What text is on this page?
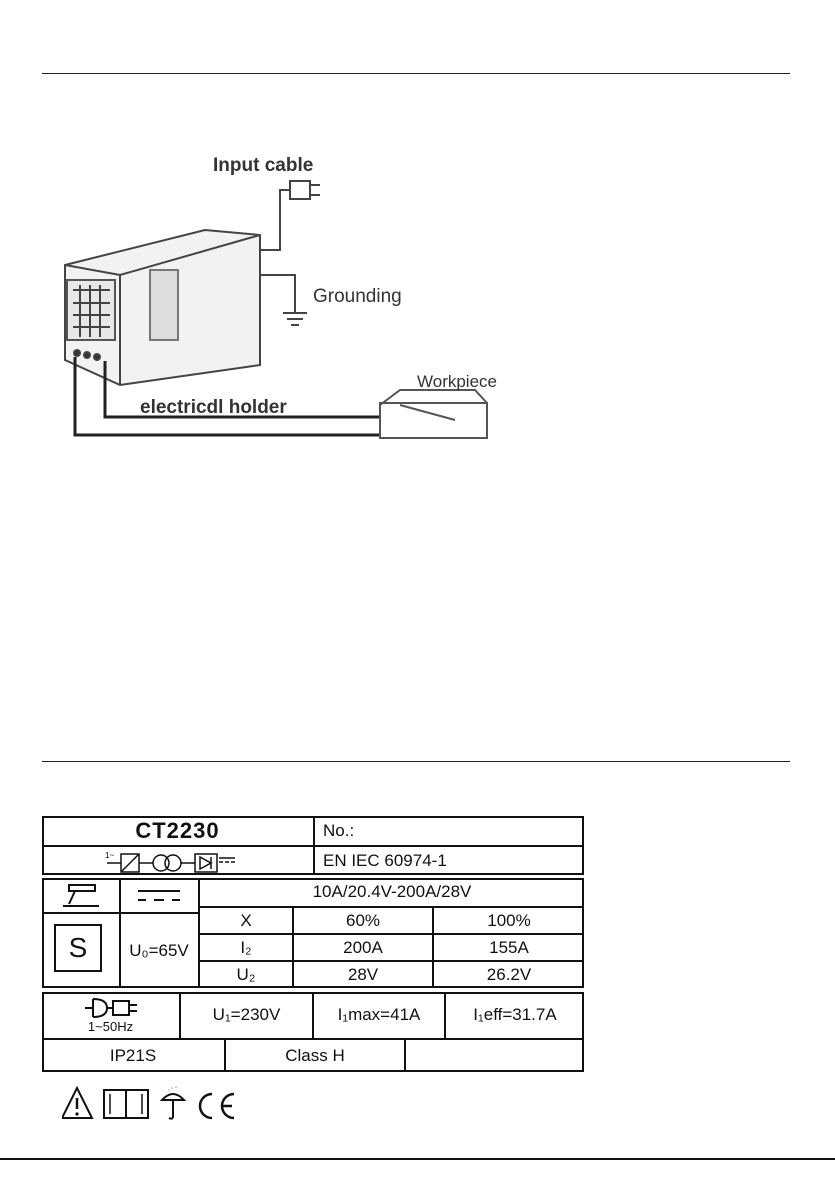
Input cable
Grounding
Workpiece
electricdl holder
CT2230	No.:
1~	EN IEC 60974-1
10A/20.4V-200A/28V
S	U₀=65V
X	60%	100%
I₂	200A	155A
U₂	28V	26.2V
1~50Hz
U₁=230V	I₁max=41A	I₁eff=31.7A
IP21S	Class H
